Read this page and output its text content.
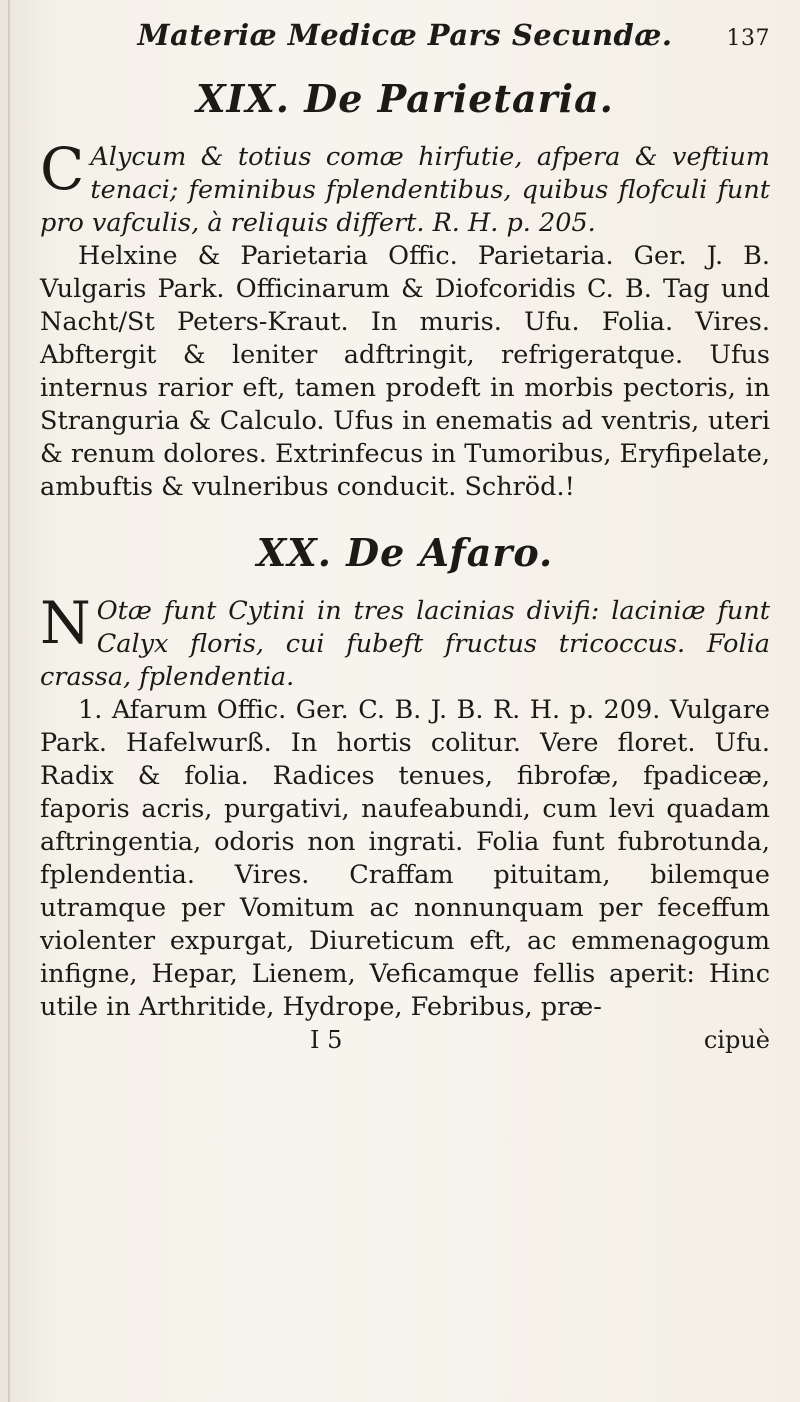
Materiæ Medicæ Pars Secundæ. 137
XIX. De Parietaria.

C Alycum & totius comæ hirfutie, afpera & veftium tenaci; feminibus fplendentibus, quibus flofculi funt pro vafculis, à reliquis differt. R. H. p. 205.

Helxine & Parietaria Offic. Parietaria. Ger. J. B. Vulgaris Park. Officinarum & Diofcoridis C. B. Tag und Nacht/St Peters-Kraut. In muris. Ufu. Folia. Vires. Abftergit & leniter adftringit, refrigeratque. Ufus internus rarior eft, tamen prodeft in morbis pectoris, in Stranguria & Calculo. Ufus in enematis ad ventris, uteri & renum dolores. Extrinfecus in Tumoribus, Eryfipelate, ambuftis & vulneribus conducit. Schröd.!

XX. De Afaro.

N Otæ funt Cytini in tres lacinias divifi: laciniæ funt Calyx floris, cui fubeft fructus tricoccus. Folia crassa, fplendentia.

1. Afarum Offic. Ger. C. B. J. B. R. H. p. 209. Vulgare Park. Hafelwurß. In hortis colitur. Vere floret. Ufu. Radix & folia. Radices tenues, fibrofæ, fpadiceæ, faporis acris, purgativi, naufeabundi, cum levi quadam aftringentia, odoris non ingrati. Folia funt fubrotunda, fplendentia. Vires. Craffam pituitam, bilemque utramque per Vomitum ac nonnunquam per feceffum violenter expurgat, Diureticum eft, ac emmenagogum infigne, Hepar, Lienem, Veficamque fellis aperit: Hinc utile in Arthritide, Hydrope, Febribus, præ-

I 5	cipuè
